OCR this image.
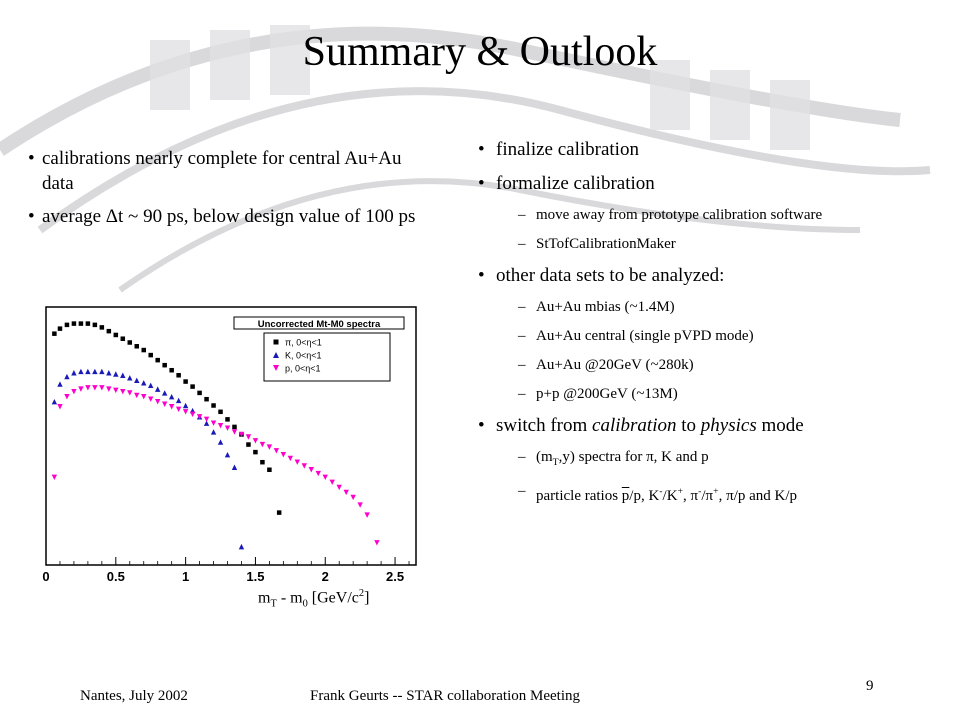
Summary & Outlook
• calibrations nearly complete for central Au+Au data
• average Δt ~ 90 ps, below design value of 100 ps
• finalize calibration
• formalize calibration
– move away from prototype calibration software
– StTofCalibrationMaker
• other data sets to be analyzed:
– Au+Au mbias (~1.4M)
– Au+Au central (single pVPD mode)
– Au+Au @20GeV (~280k)
– p+p @200GeV (~13M)
• switch from calibration to physics mode
– $(m_T,y)$ spectra for π, K and p
– particle ratios $\overline{p}/p$, K-/K+, π-/π+, π/p and K/p
0	0.5	1	1.5	2	2.5
Uncorrected Mt-M0 spectra
π, 0<η<1
K, 0<η<1
p, 0<η<1
$m_T - m_0$ $[GeV/c^2]$
Nantes, July 2002	Frank Geurts -- STAR collaboration Meeting
9
